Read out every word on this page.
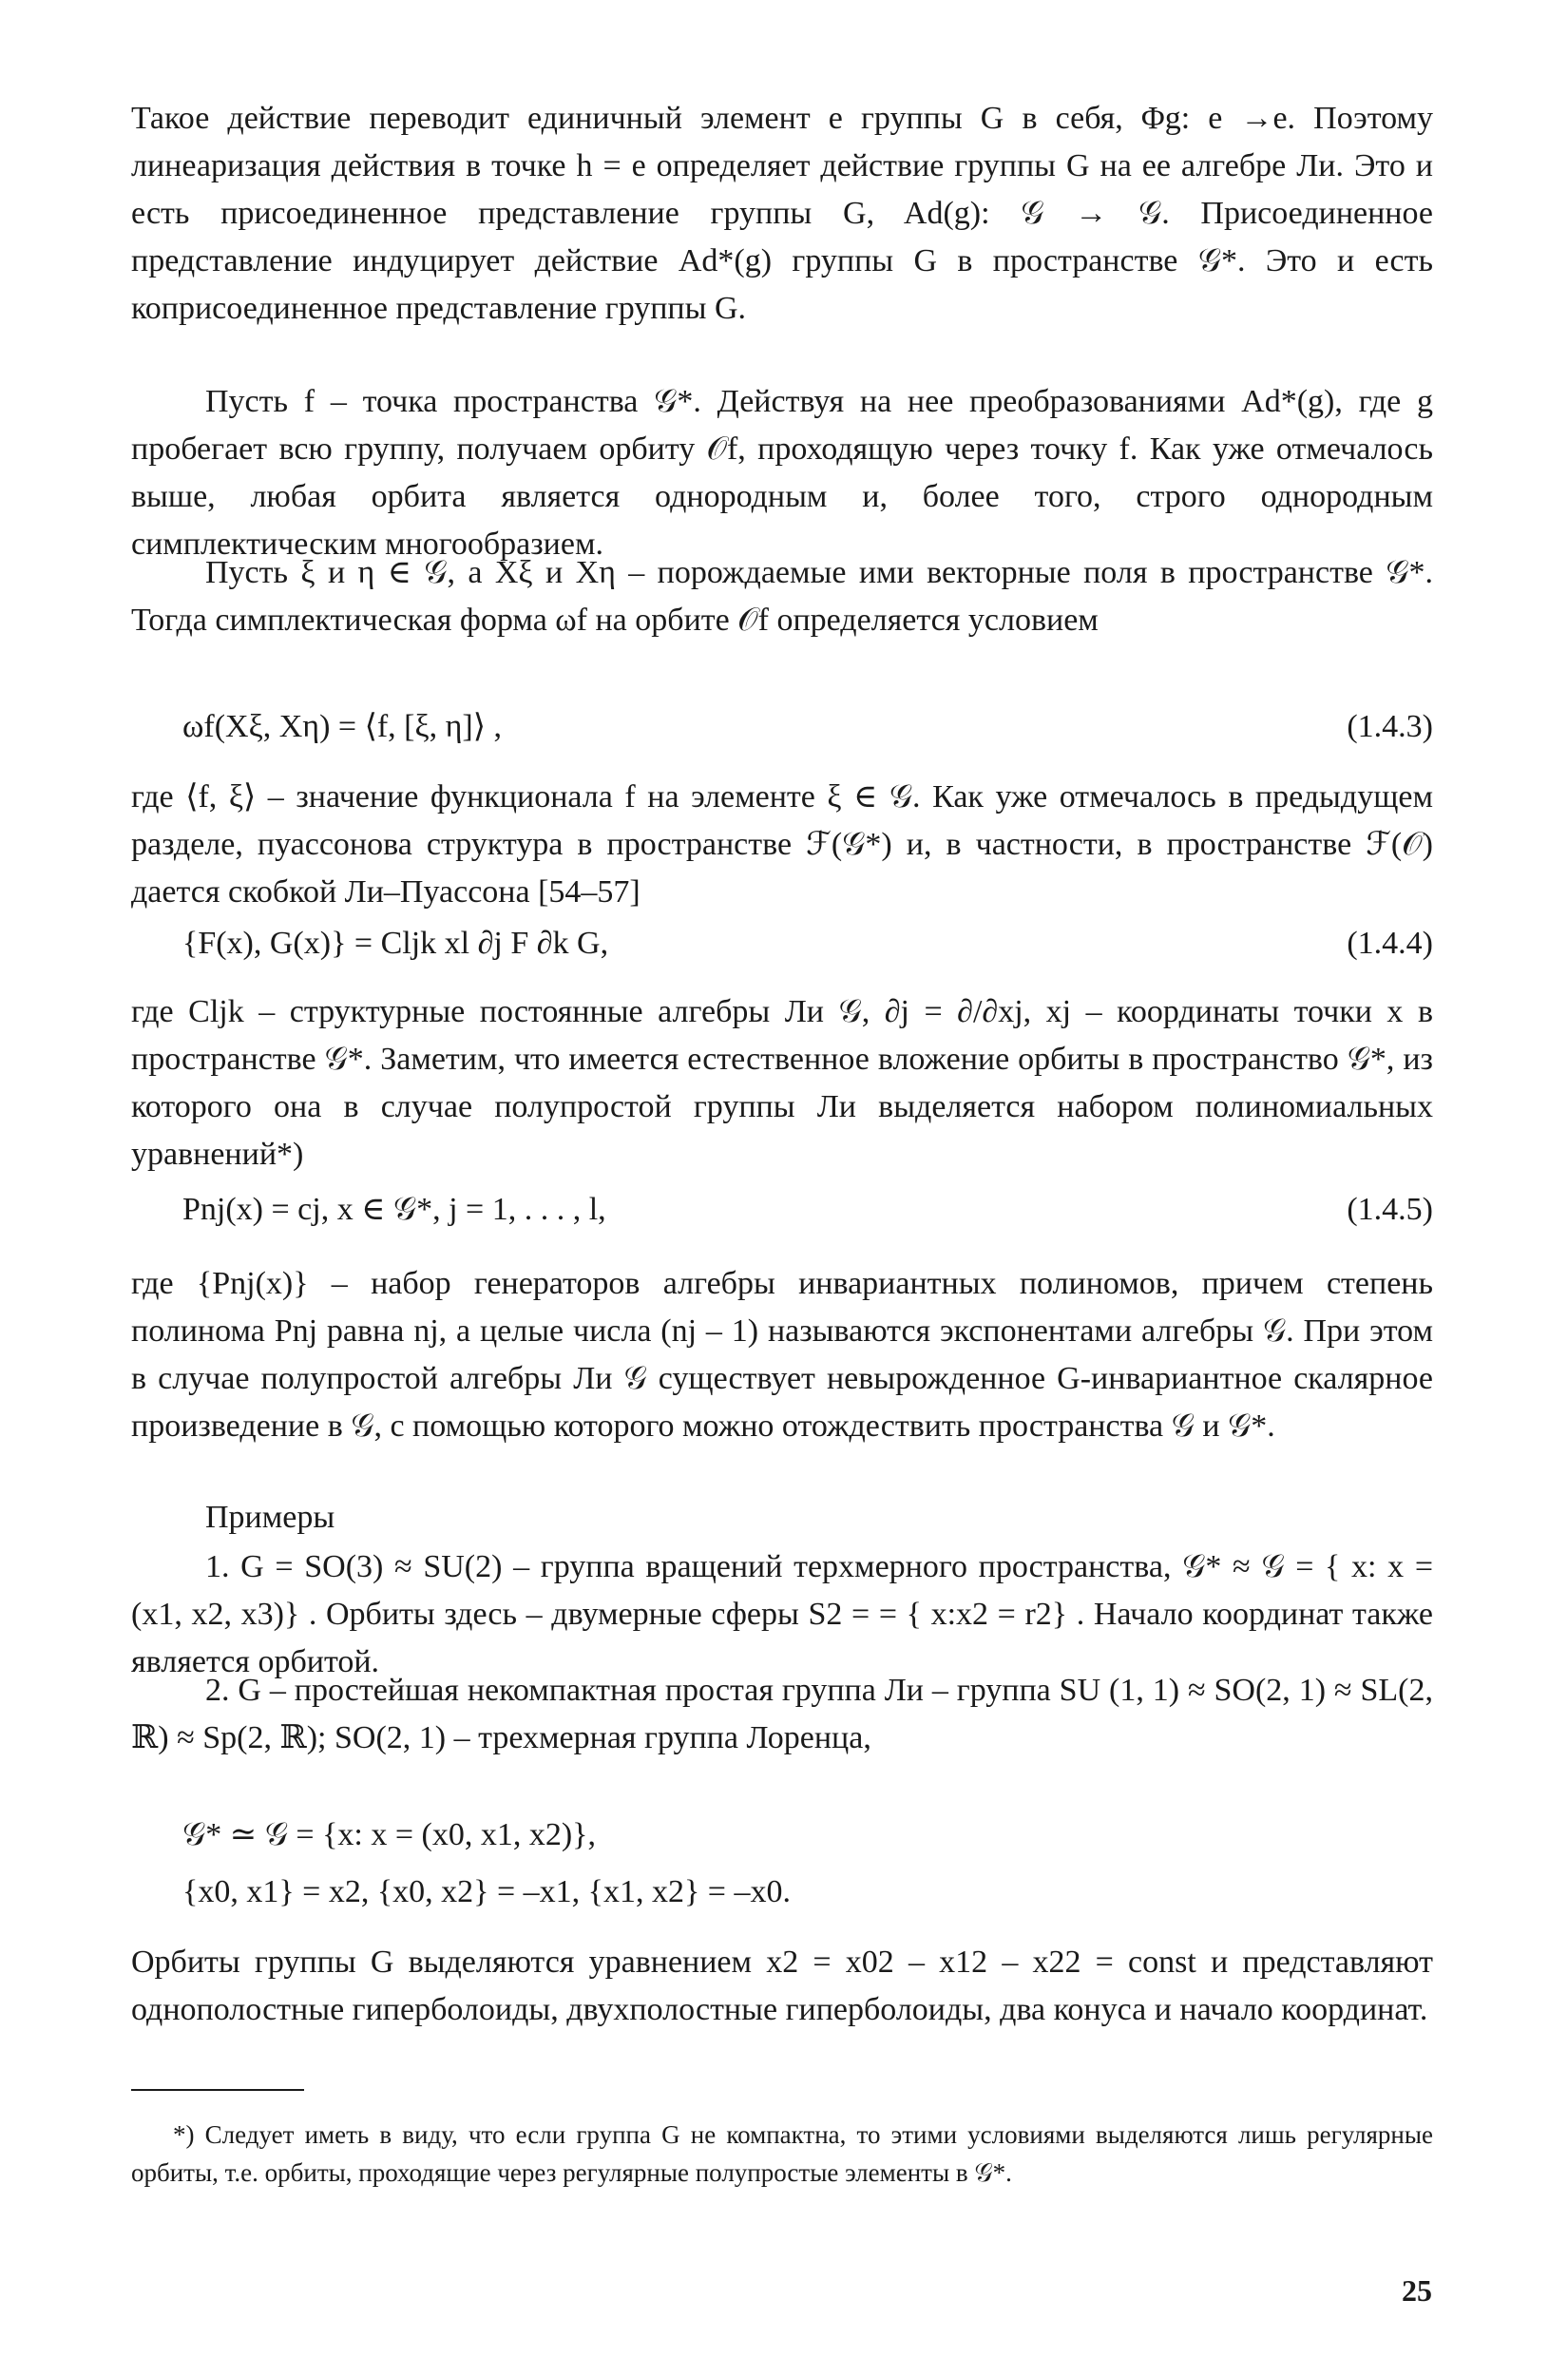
Такое действие переводит единичный элемент e группы G в себя, Φg: e →e. Поэтому линеаризация действия в точке h = e определяет действие группы G на ее алгебре Ли. Это и есть присоединенное представление группы G, Ad(g): 𝒢 → 𝒢. Присоединенное представление индуцирует действие Ad*(g) группы G в пространстве 𝒢*. Это и есть коприсоединенное представление группы G.

Пусть f – точка пространства 𝒢*. Действуя на нее преобразованиями Ad*(g), где g пробегает всю группу, получаем орбиту 𝒪f, проходящую через точку f. Как уже отмечалось выше, любая орбита является однородным и, более того, строго однородным симплектическим многообразием.

Пусть ξ и η ∈ 𝒢, а Xξ и Xη – порождаемые ими векторные поля в пространстве 𝒢*. Тогда симплектическая форма ωf на орбите 𝒪f определяется условием

ωf(Xξ, Xη) = ⟨f, [ξ, η]⟩ ,	(1.4.3)

где ⟨f, ξ⟩ – значение функционала f на элементе ξ ∈ 𝒢. Как уже отмечалось в предыдущем разделе, пуассонова структура в пространстве ℱ(𝒢*) и, в частности, в пространстве ℱ(𝒪) дается скобкой Ли–Пуассона [54–57]

{F(x), G(x)} = Cljk xl ∂j F ∂k G,	(1.4.4)

где Cljk – структурные постоянные алгебры Ли 𝒢, ∂j = ∂/∂xj, xj – координаты точки x в пространстве 𝒢*. Заметим, что имеется естественное вложение орбиты в пространство 𝒢*, из которого она в случае полупростой группы Ли выделяется набором полиномиальных уравнений*)

Pnj(x) = cj, x ∈ 𝒢*, j = 1, . . . , l,	(1.4.5)

где {Pnj(x)} – набор генераторов алгебры инвариантных полиномов, причем степень полинома Pnj равна nj, а целые числа (nj – 1) называются экспонентами алгебры 𝒢. При этом в случае полупростой алгебры Ли 𝒢 существует невырожденное G-инвариантное скалярное произведение в 𝒢, с помощью которого можно отождествить пространства 𝒢 и 𝒢*.

Примеры

1. G = SO(3) ≈ SU(2) – группа вращений терхмерного пространства, 𝒢* ≈ 𝒢 = { x: x = (x1, x2, x3)} . Орбиты здесь – двумерные сферы S2 = = { x:x2 = r2} . Начало координат также является орбитой.

2. G – простейшая некомпактная простая группа Ли – группа SU (1, 1) ≈ SO(2, 1) ≈ SL(2, ℝ) ≈ Sp(2, ℝ); SO(2, 1) – трехмерная группа Лоренца,

𝒢* ≃ 𝒢 = {x: x = (x0, x1, x2)},
{x0, x1} = x2, {x0, x2} = –x1, {x1, x2} = –x0.

Орбиты группы G выделяются уравнением x2 = x02 – x12 – x22 = const и представляют однополостные гиперболоиды, двухполостные гиперболоиды, два конуса и начало координат.

*) Следует иметь в виду, что если группа G не компактна, то этими условиями выделяются лишь регулярные орбиты, т.е. орбиты, проходящие через регулярные полупростые элементы в 𝒢*.

25
